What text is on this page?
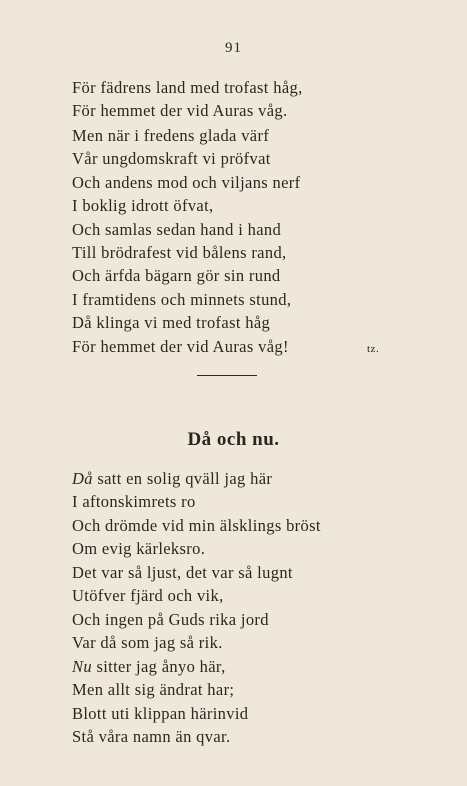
91
För fädrens land med trofast håg,
För hemmet der vid Auras våg.
Men när i fredens glada värf
Vår ungdomskraft vi pröfvat
Och andens mod och viljans nerf
I boklig idrott öfvat,
Och samlas sedan hand i hand
Till brödrafest vid bålens rand,
Och ärfda bägarn gör sin rund
I framtidens och minnets stund,
Då klinga vi med trofast håg
För hemmet der vid Auras våg!	tz.
Då och nu.
Då satt en solig qväll jag här
I aftonskimrets ro
Och drömde vid min älsklings bröst
Om evig kärleksro.
Det var så ljust, det var så lugnt
Utöfver fjärd och vik,
Och ingen på Guds rika jord
Var då som jag så rik.
Nu sitter jag ånyo här,
Men allt sig ändrat har;
Blott uti klippan härinvid
Stå våra namn än qvar.
